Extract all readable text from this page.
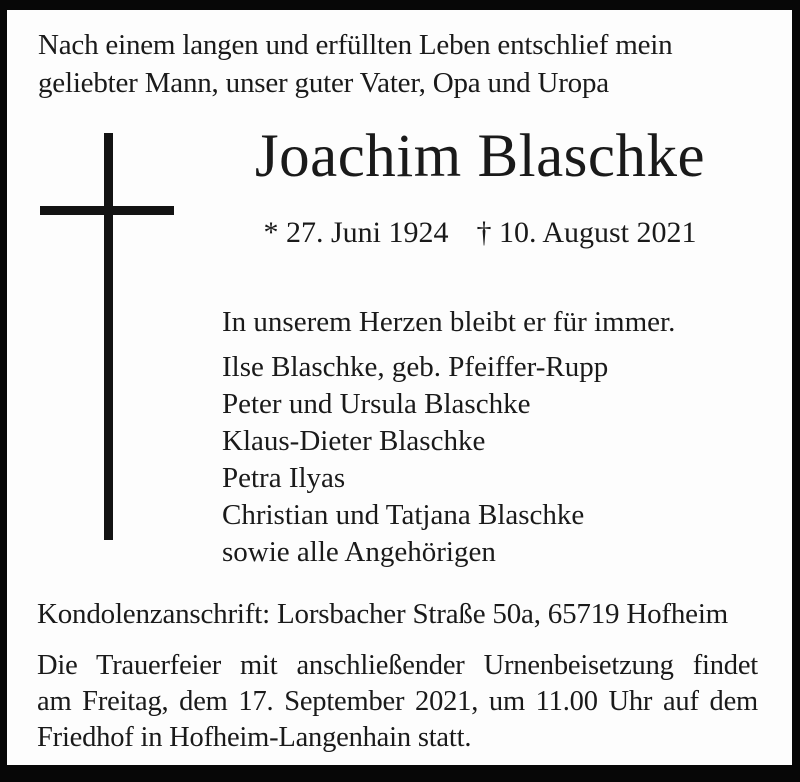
Nach einem langen und erfüllten Leben entschlief mein
geliebter Mann, unser guter Vater, Opa und Uropa
Joachim Blaschke
* 27. Juni 1924 † 10. August 2021
In unserem Herzen bleibt er für immer.
Ilse Blaschke, geb. Pfeiffer-Rupp
Peter und Ursula Blaschke
Klaus-Dieter Blaschke
Petra Ilyas
Christian und Tatjana Blaschke
sowie alle Angehörigen
Kondolenzanschrift: Lorsbacher Straße 50a, 65719 Hofheim
Die Trauerfeier mit anschließender Urnenbeisetzung findet
am Freitag, dem 17. September 2021, um 11.00 Uhr auf dem
Friedhof in Hofheim-Langenhain statt.
